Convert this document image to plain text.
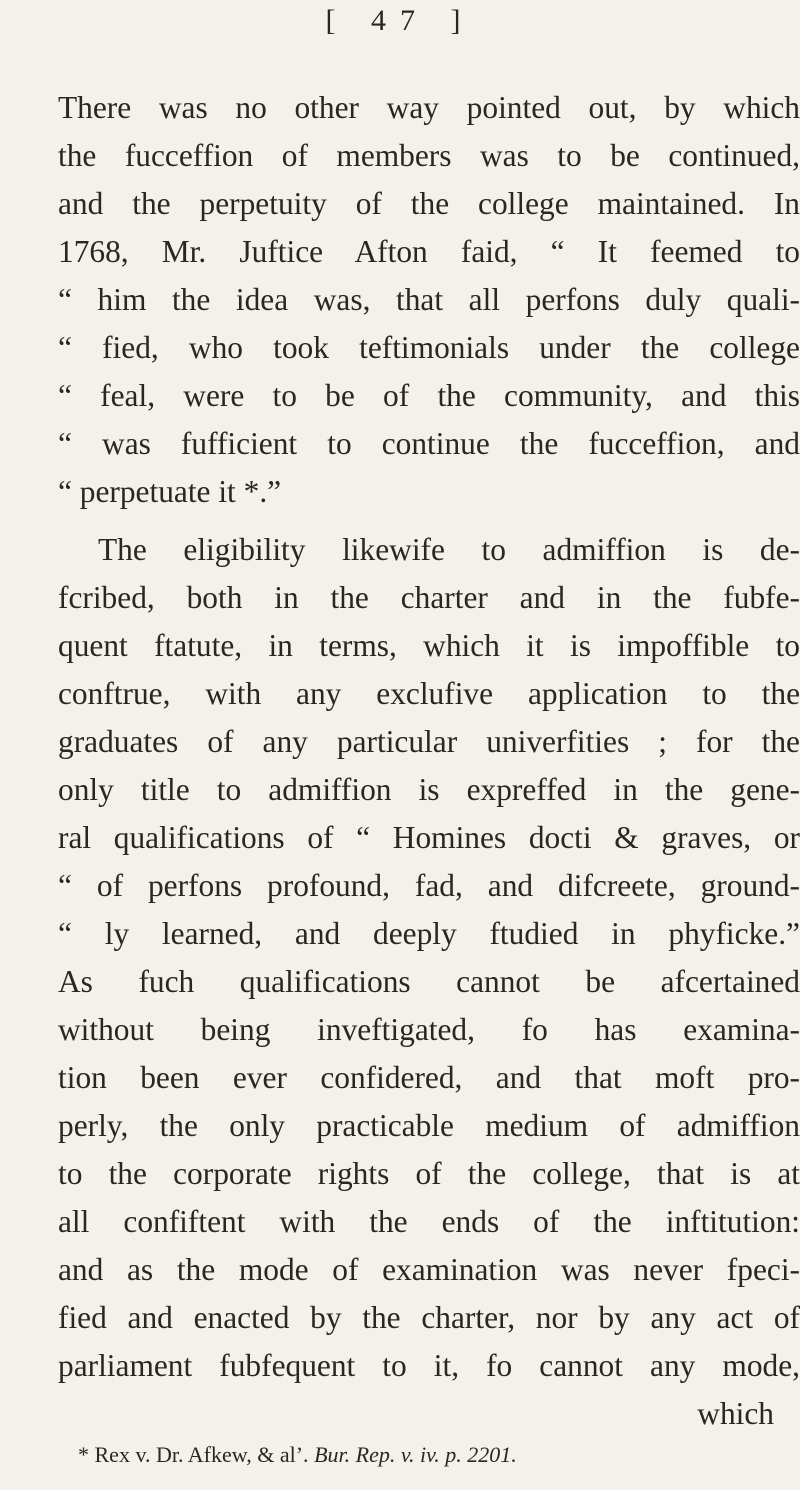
[ 47 ]
There was no other way pointed out, by which
the fucceffion of members was to be continued,
and the perpetuity of the college maintained. In
1768, Mr. Juftice Afton faid, “ It feemed to
“ him the idea was, that all perfons duly quali-
“ fied, who took teftimonials under the college
“ feal, were to be of the community, and this
“ was fufficient to continue the fucceffion, and
“ perpetuate it *.”
The eligibility likewife to admiffion is de-
fcribed, both in the charter and in the fubfe-
quent ftatute, in terms, which it is impoffible to
conftrue, with any exclufive application to the
graduates of any particular univerfities ; for the
only title to admiffion is expreffed in the gene-
ral qualifications of “ Homines docti & graves, or
“ of perfons profound, fad, and difcreete, ground-
“ ly learned, and deeply ftudied in phyficke.”
As fuch qualifications cannot be afcertained
without being inveftigated, fo has examina-
tion been ever confidered, and that moft pro-
perly, the only practicable medium of admiffion
to the corporate rights of the college, that is at
all confiftent with the ends of the inftitution:
and as the mode of examination was never fpeci-
fied and enacted by the charter, nor by any act of
parliament fubfequent to it, fo cannot any mode,
which
* Rex v. Dr. Afkew, & al’. Bur. Rep. v. iv. p. 2201.
